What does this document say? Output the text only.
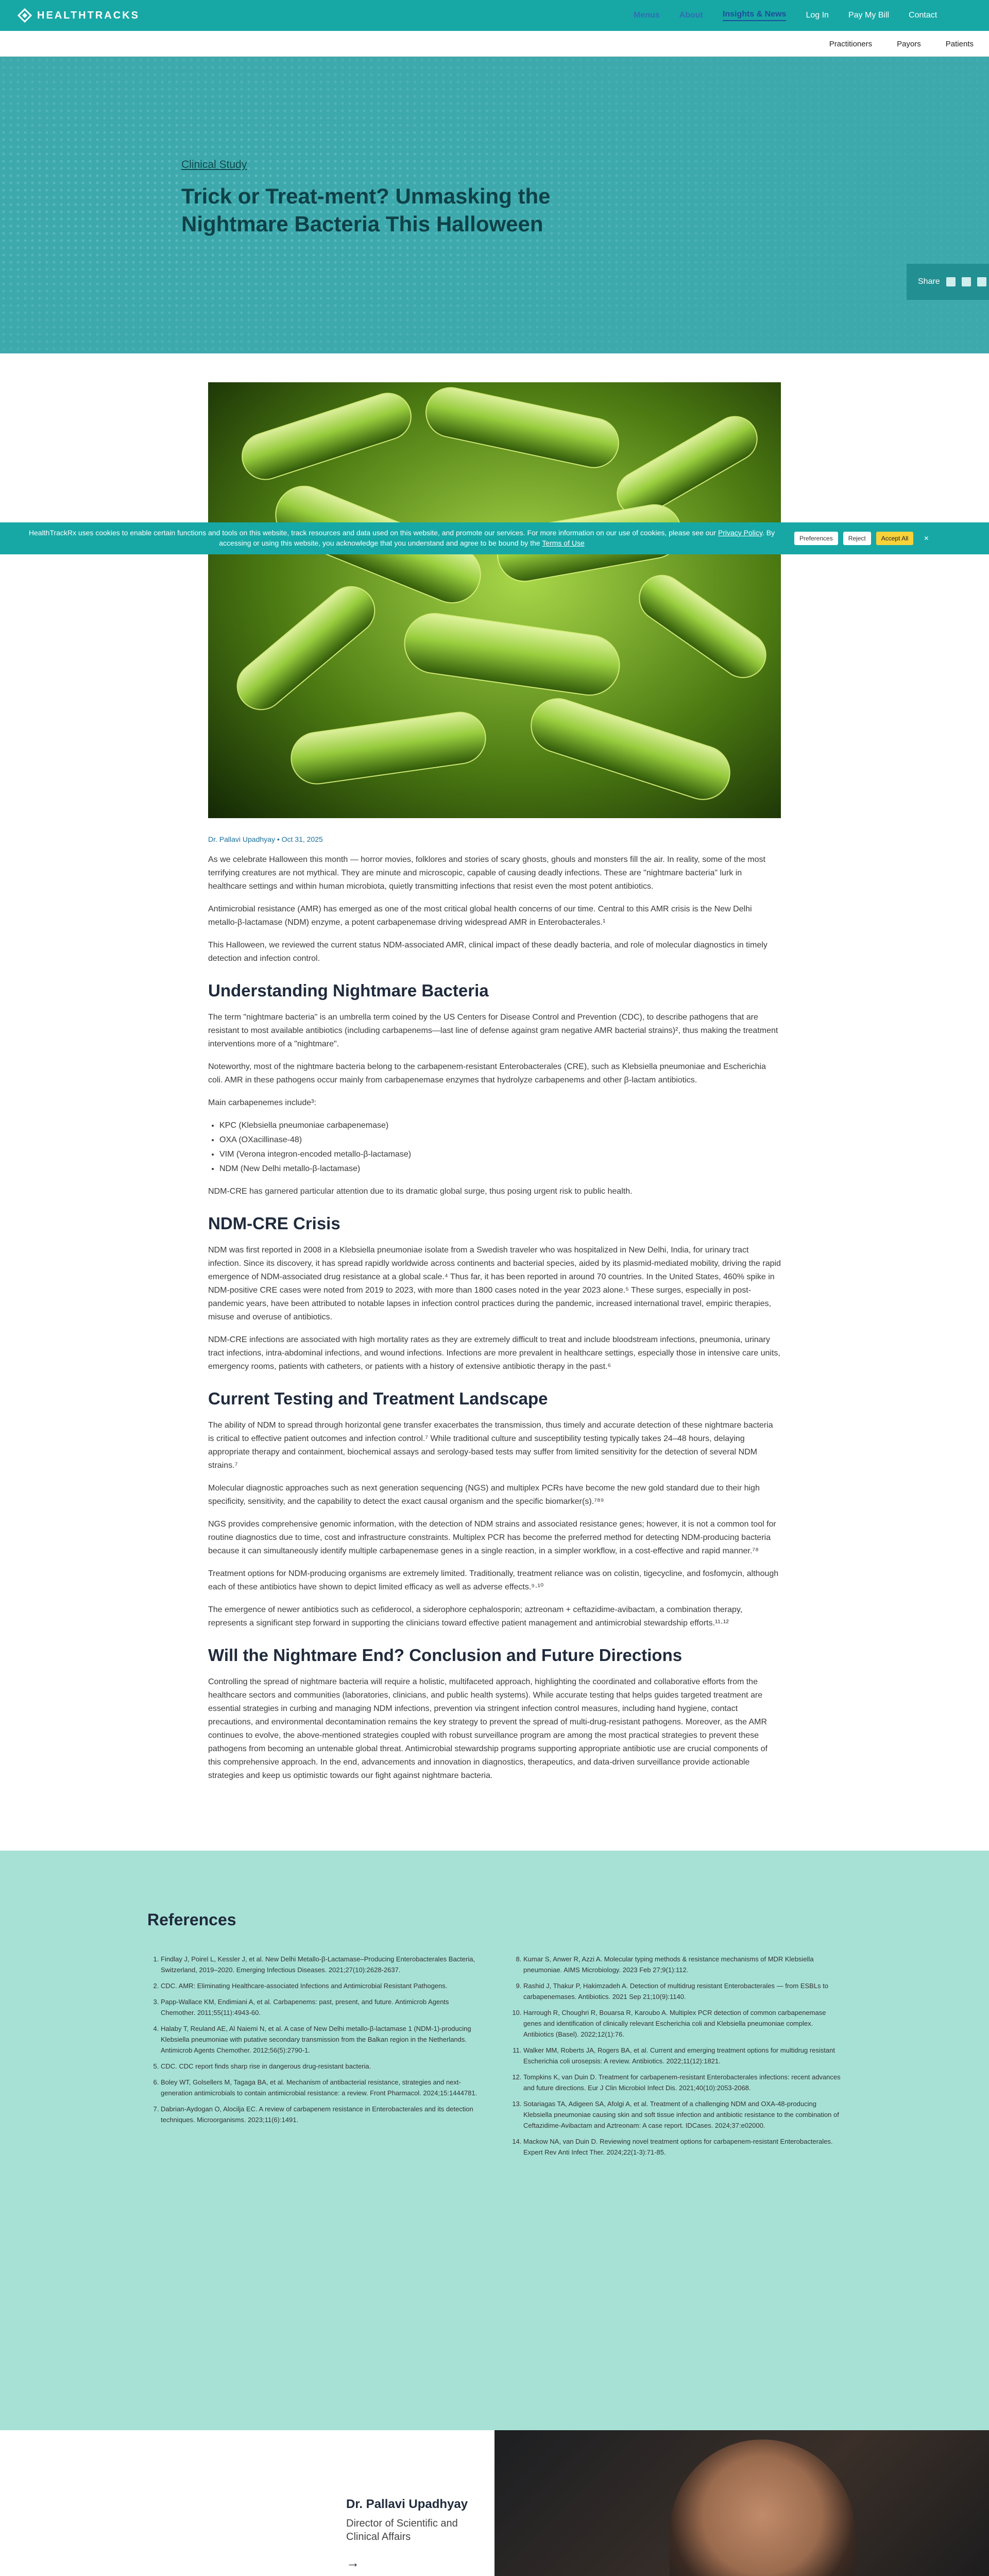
HEALTHTRACKS	Menus About Insights & News Log In Pay My Bill Contact
Practitioners	Payors	Patients
Clinical Study
Trick or Treat-ment? Unmasking the Nightmare Bacteria This Halloween
Share
HealthTrackRx uses cookies to enable certain functions and tools on this website, track resources and data used on this website, and promote our services. For more information on our use of cookies, please see our Privacy Policy. By accessing or using this website, you acknowledge that you understand and agree to be bound by the Terms of Use
Preferences	Reject	Accept All	✕
Dr. Pallavi Upadhyay • Oct 31, 2025

As we celebrate Halloween this month — horror movies, folklores and stories of scary ghosts, ghouls and monsters fill the air. In reality, some of the most terrifying creatures are not mythical. They are minute and microscopic, capable of causing deadly infections. These are "nightmare bacteria" lurk in healthcare settings and within human microbiota, quietly transmitting infections that resist even the most potent antibiotics.

Antimicrobial resistance (AMR) has emerged as one of the most critical global health concerns of our time. Central to this AMR crisis is the New Delhi metallo-β-lactamase (NDM) enzyme, a potent carbapenemase driving widespread AMR in Enterobacterales.¹

This Halloween, we reviewed the current status NDM-associated AMR, clinical impact of these deadly bacteria, and role of molecular diagnostics in timely detection and infection control.

Understanding Nightmare Bacteria

The term "nightmare bacteria" is an umbrella term coined by the US Centers for Disease Control and Prevention (CDC), to describe pathogens that are resistant to most available antibiotics (including carbapenems—last line of defense against gram negative AMR bacterial strains)², thus making the treatment interventions more of a "nightmare".

Noteworthy, most of the nightmare bacteria belong to the carbapenem-resistant Enterobacterales (CRE), such as Klebsiella pneumoniae and Escherichia coli. AMR in these pathogens occur mainly from carbapenemase enzymes that hydrolyze carbapenems and other β-lactam antibiotics.

Main carbapenemes include³:

• KPC (Klebsiella pneumoniae carbapenemase)
• OXA (OXacillinase-48)
• VIM (Verona integron-encoded metallo-β-lactamase)
• NDM (New Delhi metallo-β-lactamase)

NDM-CRE has garnered particular attention due to its dramatic global surge, thus posing urgent risk to public health.

NDM-CRE Crisis

NDM was first reported in 2008 in a Klebsiella pneumoniae isolate from a Swedish traveler who was hospitalized in New Delhi, India, for urinary tract infection. Since its discovery, it has spread rapidly worldwide across continents and bacterial species, aided by its plasmid-mediated mobility, driving the rapid emergence of NDM-associated drug resistance at a global scale.⁴ Thus far, it has been reported in around 70 countries. In the United States, 460% spike in NDM-positive CRE cases were noted from 2019 to 2023, with more than 1800 cases noted in the year 2023 alone.⁵ These surges, especially in post-pandemic years, have been attributed to notable lapses in infection control practices during the pandemic, increased international travel, empiric therapies, misuse and overuse of antibiotics.

NDM-CRE infections are associated with high mortality rates as they are extremely difficult to treat and include bloodstream infections, pneumonia, urinary tract infections, intra-abdominal infections, and wound infections. Infections are more prevalent in healthcare settings, especially those in intensive care units, emergency rooms, patients with catheters, or patients with a history of extensive antibiotic therapy in the past.⁶

Current Testing and Treatment Landscape

The ability of NDM to spread through horizontal gene transfer exacerbates the transmission, thus timely and accurate detection of these nightmare bacteria is critical to effective patient outcomes and infection control.⁷ While traditional culture and susceptibility testing typically takes 24–48 hours, delaying appropriate therapy and containment, biochemical assays and serology-based tests may suffer from limited sensitivity for the detection of several NDM strains.⁷

Molecular diagnostic approaches such as next generation sequencing (NGS) and multiplex PCRs have become the new gold standard due to their high specificity, sensitivity, and the capability to detect the exact causal organism and the specific biomarker(s).⁷⁸⁹

NGS provides comprehensive genomic information, with the detection of NDM strains and associated resistance genes; however, it is not a common tool for routine diagnostics due to time, cost and infrastructure constraints. Multiplex PCR has become the preferred method for detecting NDM-producing bacteria because it can simultaneously identify multiple carbapenemase genes in a single reaction, in a simpler workflow, in a cost-effective and rapid manner.⁷⁸

Treatment options for NDM-producing organisms are extremely limited. Traditionally, treatment reliance was on colistin, tigecycline, and fosfomycin, although each of these antibiotics have shown to depict limited efficacy as well as adverse effects.⁹·¹⁰

The emergence of newer antibiotics such as cefiderocol, a siderophore cephalosporin; aztreonam + ceftazidime-avibactam, a combination therapy, represents a significant step forward in supporting the clinicians toward effective patient management and antimicrobial stewardship efforts.¹¹·¹²

Will the Nightmare End? Conclusion and Future Directions

Controlling the spread of nightmare bacteria will require a holistic, multifaceted approach, highlighting the coordinated and collaborative efforts from the healthcare sectors and communities (laboratories, clinicians, and public health systems). While accurate testing that helps guides targeted treatment are essential strategies in curbing and managing NDM infections, prevention via stringent infection control measures, including hand hygiene, contact precautions, and environmental decontamination remains the key strategy to prevent the spread of multi-drug-resistant pathogens. Moreover, as the AMR continues to evolve, the above-mentioned strategies coupled with robust surveillance program are among the most practical strategies to prevent these pathogens from becoming an untenable global threat. Antimicrobial stewardship programs supporting appropriate antibiotic use are crucial components of this comprehensive approach. In the end, advancements and innovation in diagnostics, therapeutics, and data-driven surveillance provide actionable strategies and keep us optimistic towards our fight against nightmare bacteria.

References
1. Findlay J, Poirel L, Kessler J, et al. New Delhi Metallo-β-Lactamase–Producing Enterobacterales Bacteria, Switzerland, 2019–2020. Emerging Infectious Diseases. 2021;27(10):2628-2637.
2. CDC. AMR: Eliminating Healthcare-associated Infections and Antimicrobial Resistant Pathogens.
3. Papp-Wallace KM, Endimiani A, et al. Carbapenems: past, present, and future. Antimicrob Agents Chemother. 2011;55(11):4943-60.
4. Halaby T, Reuland AE, Al Naiemi N, et al. A case of New Delhi metallo-β-lactamase 1 (NDM-1)-producing Klebsiella pneumoniae with putative secondary transmission from the Balkan region in the Netherlands. Antimicrob Agents Chemother. 2012;56(5):2790-1.
5. CDC. CDC report finds sharp rise in dangerous drug-resistant bacteria.
6. Boley WT, Golsellers M, Tagaga BA, et al. Mechanism of antibacterial resistance, strategies and next-generation antimicrobials to contain antimicrobial resistance: a review. Front Pharmacol. 2024;15:1444781.
7. Dabrian-Aydogan O, Alocilja EC. A review of carbapenem resistance in Enterobacterales and its detection techniques. Microorganisms. 2023;11(6):1491.
8. Kumar S, Anwer R, Azzi A. Molecular typing methods & resistance mechanisms of MDR Klebsiella pneumoniae. AIMS Microbiology. 2023 Feb 27;9(1):112.
9. Rashid J, Thakur P, Hakimzadeh A. Detection of multidrug resistant Enterobacterales — from ESBLs to carbapenemases. Antibiotics. 2021 Sep 21;10(9):1140.
10. Harrough R, Choughri R, Bouarsa R, Karoubo A. Multiplex PCR detection of common carbapenemase genes and identification of clinically relevant Escherichia coli and Klebsiella pneumoniae complex. Antibiotics (Basel). 2022;12(1):76.
11. Walker MM, Roberts JA, Rogers BA, et al. Current and emerging treatment options for multidrug resistant Escherichia coli urosepsis: A review. Antibiotics. 2022;11(12):1821.
12. Tompkins K, van Duin D. Treatment for carbapenem-resistant Enterobacterales infections: recent advances and future directions. Eur J Clin Microbiol Infect Dis. 2021;40(10):2053-2068.
13. Sotariagas TA, Adigeen SA, Afolgi A, et al. Treatment of a challenging NDM and OXA-48-producing Klebsiella pneumoniae causing skin and soft tissue infection and antibiotic resistance to the combination of Ceftazidime-Avibactam and Aztreonam: A case report. IDCases. 2024;37:e02000.
14. Mackow NA, van Duin D. Reviewing novel treatment options for carbapenem-resistant Enterobacterales. Expert Rev Anti Infect Ther. 2024;22(1-3):71-85.
Dr. Pallavi Upadhyay
Director of Scientific and Clinical Affairs
→
